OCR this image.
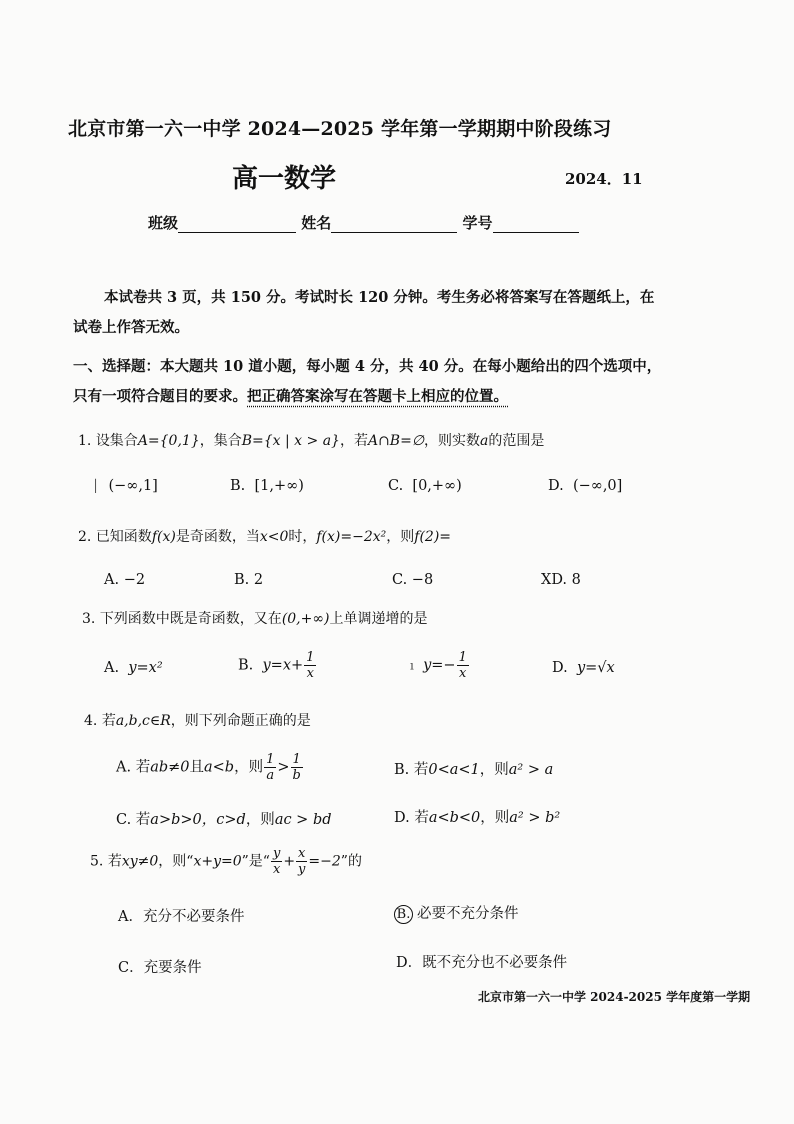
北京市第一六一中学 2024—2025 学年第一学期期中阶段练习
高一数学	2024．11
班级	姓名	学号
本试卷共 3 页，共 150 分。考试时长 120 分钟。考生务必将答案写在答题纸上，在
试卷上作答无效。
一、选择题：本大题共 10 道小题，每小题 4 分，共 40 分。在每小题给出的四个选项中，
只有一项符合题目的要求。把正确答案涂写在答题卡上相应的位置。
1. 设集合A={0,1}，集合B={x | x > a}，若A∩B=∅，则实数a的范围是
│ (−∞,1]	B. [1,+∞)	C. [0,+∞)	D. (−∞,0]
2. 已知函数f(x)是奇函数，当x<0时，f(x)=−2x²，则f(2)=
A. −2	B. 2	C. −8	XD. 8
3. 下列函数中既是奇函数，又在(0,+∞)上单调递增的是
A. y=x²	B. $y=x+ \frac{1}{x}$	ı $y=- \frac{1}{x}$	D. y=√x
4. 若a,b,c∈R，则下列命题正确的是
A. 若ab≠0且a<b，则 $\frac{1}{a} > \frac{1}{b}$	B. 若0<a<1，则a² > a
C. 若a>b>0，c>d，则ac > bd	D. 若a<b<0，则a² > b²
5. 若xy≠0，则“x+y=0”是“ $\frac{y}{x} + \frac{x}{y} =-2$”的
A．充分不必要条件	B. 必要不充分条件
C．充要条件	D．既不充分也不必要条件
北京市第一六一中学 2024-2025 学年度第一学期
